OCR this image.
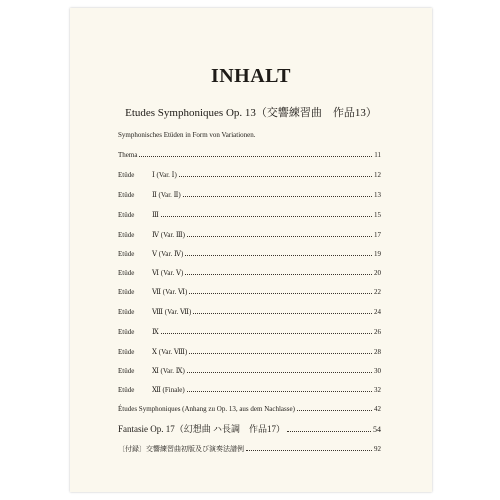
INHALT
Etudes Symphoniques Op. 13（交響練習曲　作品13）
Symphonisches Etüden in Form von Variationen.
Thema	11
Etüde	Ⅰ (Var. Ⅰ)	12
Etüde	Ⅱ (Var. Ⅱ)	13
Etüde	Ⅲ	15
Etüde	Ⅳ (Var. Ⅲ)	17
Etüde	Ⅴ (Var. Ⅳ)	19
Etüde	Ⅵ (Var. Ⅴ)	20
Etüde	Ⅶ (Var. Ⅵ)	22
Etüde	Ⅷ (Var. Ⅶ)	24
Etüde	Ⅸ	26
Etüde	Ⅹ (Var. Ⅷ)	28
Etüde	Ⅺ (Var. Ⅸ)	30
Etüde	Ⅻ (Finale)	32
Études Symphoniques (Anhang zu Op. 13, aus dem Nachlasse)	42
Fantasie Op. 17（幻想曲 ハ長調　作品17）	54
〔付録〕交響練習曲初版及び演奏法譜例	92
